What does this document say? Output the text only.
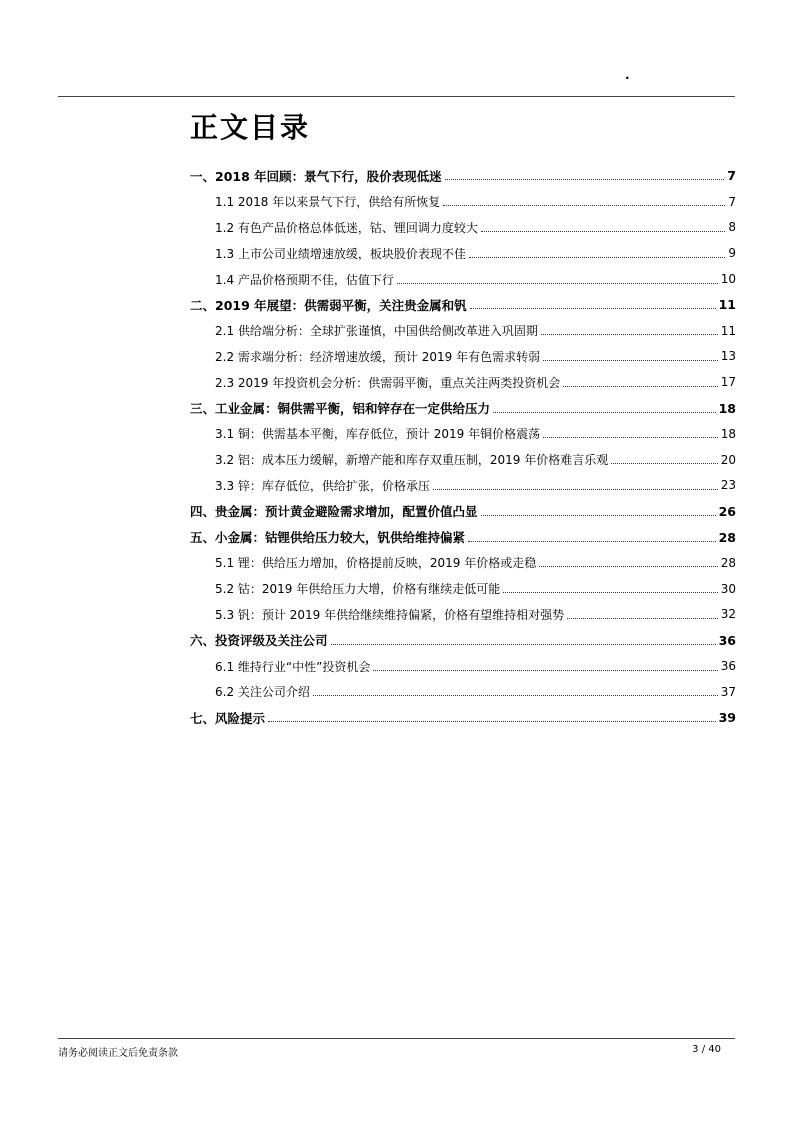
.
正文目录
一、2018 年回顾：景气下行，股价表现低迷	7
1.1 2018 年以来景气下行，供给有所恢复	7
1.2 有色产品价格总体低迷，钴、锂回调力度较大	8
1.3 上市公司业绩增速放缓，板块股价表现不佳	9
1.4 产品价格预期不佳，估值下行	10
二、2019 年展望：供需弱平衡，关注贵金属和钒	11
2.1 供给端分析：全球扩张谨慎，中国供给侧改革进入巩固期	11
2.2 需求端分析：经济增速放缓，预计 2019 年有色需求转弱	13
2.3 2019 年投资机会分析：供需弱平衡，重点关注两类投资机会	17
三、工业金属：铜供需平衡，铝和锌存在一定供给压力	18
3.1 铜：供需基本平衡，库存低位，预计 2019 年铜价格震荡	18
3.2 铝：成本压力缓解，新增产能和库存双重压制，2019 年价格难言乐观	20
3.3 锌：库存低位，供给扩张，价格承压	23
四、贵金属：预计黄金避险需求增加，配置价值凸显	26
五、小金属：钴锂供给压力较大，钒供给维持偏紧	28
5.1 锂：供给压力增加，价格提前反映，2019 年价格或走稳	28
5.2 钴：2019 年供给压力大增，价格有继续走低可能	30
5.3 钒：预计 2019 年供给继续维持偏紧，价格有望维持相对强势	32
六、投资评级及关注公司	36
6.1 维持行业“中性”投资机会	36
6.2 关注公司介绍	37
七、风险提示	39
请务必阅读正文后免责条款	3 / 40
